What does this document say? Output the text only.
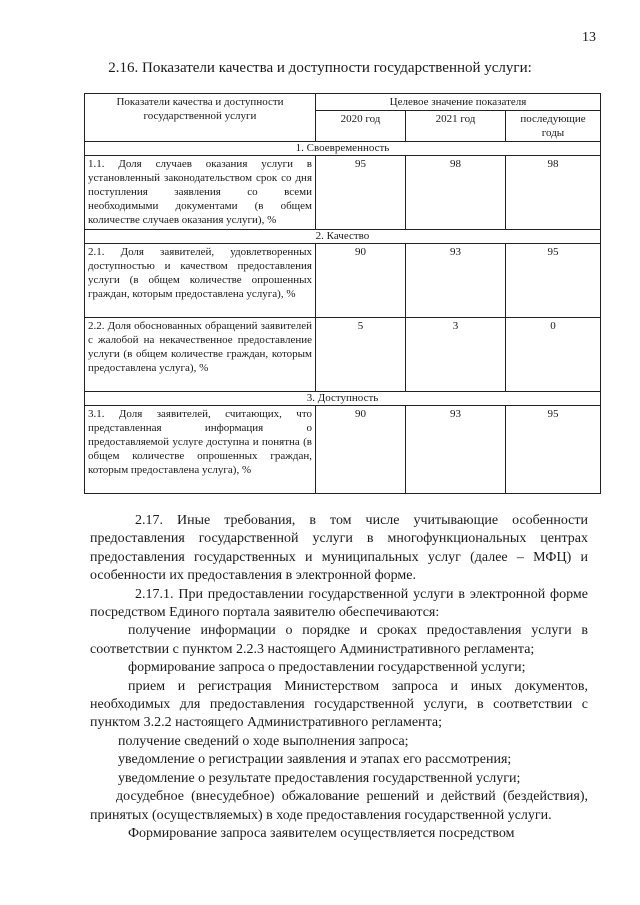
13
2.16. Показатели качества и доступности государственной услуги:
Показатели качества и доступности государственной услуги	Целевое значение показателя		
	2020 год	2021 год	последующие годы
1. Своевременность			
1.1. Доля случаев оказания услуги в установленный законодательством срок со дня поступления заявления со всеми необходимыми документами (в общем количестве случаев оказания услуги), %	95	98	98
2. Качество			
2.1. Доля заявителей, удовлетворенных доступностью и качеством предоставления услуги (в общем количестве опрошенных граждан, которым предоставлена услуга), %	90	93	95
2.2. Доля обоснованных обращений заявителей с жалобой на некачественное предоставление услуги (в общем количестве граждан, которым предоставлена услуга), %	5	3	0
3. Доступность			
3.1. Доля заявителей, считающих, что представленная информация о предоставляемой услуге доступна и понятна (в общем количестве опрошенных граждан, которым предоставлена услуга), %	90	93	95

2.17. Иные требования, в том числе учитывающие особенности предоставления государственной услуги в многофункциональных центрах предоставления государственных и муниципальных услуг (далее – МФЦ) и особенности их предоставления в электронной форме.

2.17.1. При предоставлении государственной услуги в электронной форме посредством Единого портала заявителю обеспечиваются:

получение информации о порядке и сроках предоставления услуги в соответствии с пунктом 2.2.3 настоящего Административного регламента;

формирование запроса о предоставлении государственной услуги;

прием и регистрация Министерством запроса и иных документов, необходимых для предоставления государственной услуги, в соответствии с пунктом 3.2.2 настоящего Административного регламента;

получение сведений о ходе выполнения запроса;

уведомление о регистрации заявления и этапах его рассмотрения;

уведомление о результате предоставления государственной услуги;

досудебное (внесудебное) обжалование решений и действий (бездействия), принятых (осуществляемых) в ходе предоставления государственной услуги.

Формирование запроса заявителем осуществляется посредством
